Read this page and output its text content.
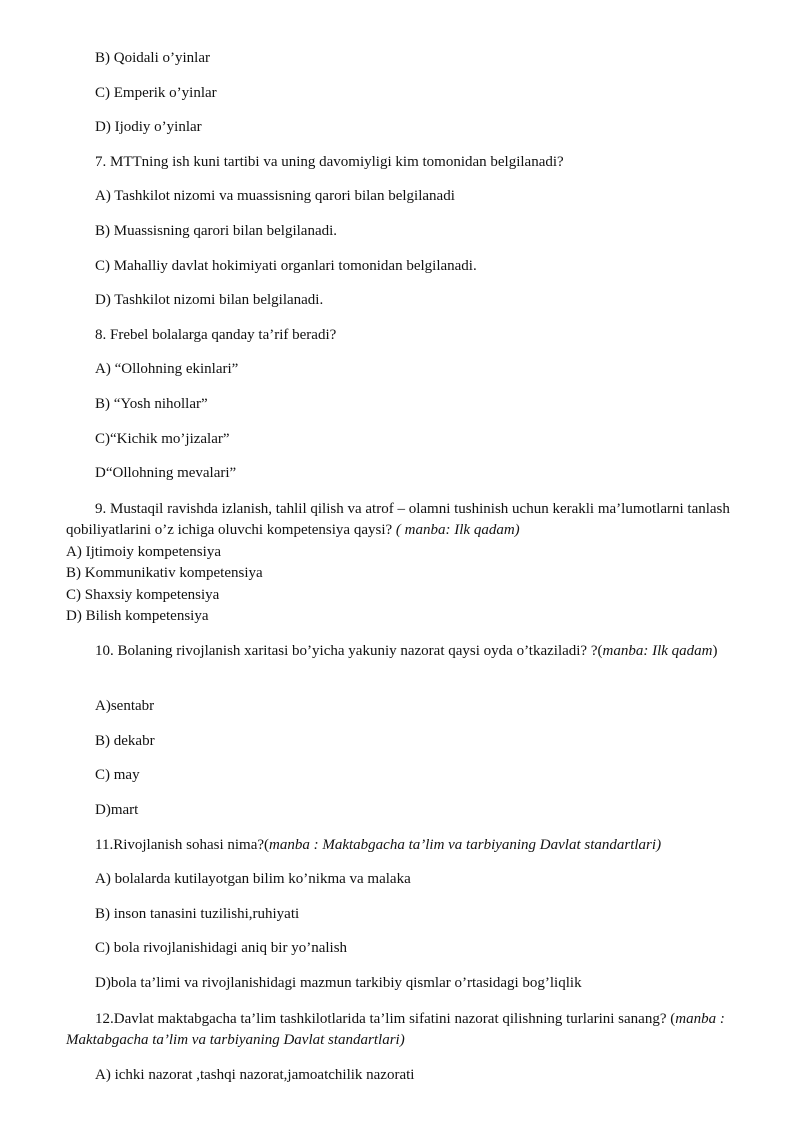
B) Qoidali o’yinlar
C) Emperik o’yinlar
D) Ijodiy o’yinlar
7. MTTning ish kuni tartibi va uning davomiyligi kim tomonidan belgilanadi?
A) Tashkilot nizomi va muassisning qarori bilan belgilanadi
B) Muassisning qarori bilan belgilanadi.
C) Mahalliy davlat hokimiyati organlari tomonidan belgilanadi.
D) Tashkilot nizomi bilan belgilanadi.
8. Frebel bolalarga qanday ta’rif beradi?
A) “Ollohning ekinlari”
B) “Yosh nihollar”
C)“Kichik mo’jizalar”
D“Ollohning mevalari”
9. Mustaqil ravishda izlanish, tahlil qilish va atrof – olamni tushinish uchun kerakli ma’lumotlarni tanlash qobiliyatlarini o’z ichiga oluvchi kompetensiya qaysi? ( manba: Ilk qadam)
A) Ijtimoiy kompetensiya
B) Kommunikativ kompetensiya
C) Shaxsiy kompetensiya
D) Bilish kompetensiya
10. Bolaning rivojlanish xaritasi bo’yicha yakuniy nazorat qaysi oyda o’tkaziladi? ?(manba: Ilk qadam)
A)sentabr
B) dekabr
C) may
D)mart
11.Rivojlanish sohasi nima?(manba : Maktabgacha ta’lim va tarbiyaning Davlat standartlari)
A) bolalarda kutilayotgan bilim ko’nikma va malaka
B) inson tanasini tuzilishi,ruhiyati
C) bola rivojlanishidagi aniq bir yo’nalish
D)bola ta’limi va rivojlanishidagi mazmun tarkibiy qismlar o’rtasidagi bog’liqlik
12.Davlat maktabgacha ta’lim tashkilotlarida ta’lim sifatini nazorat qilishning turlarini sanang? (manba : Maktabgacha ta’lim va tarbiyaning Davlat standartlari)
A) ichki nazorat ,tashqi nazorat,jamoatchilik nazorati
